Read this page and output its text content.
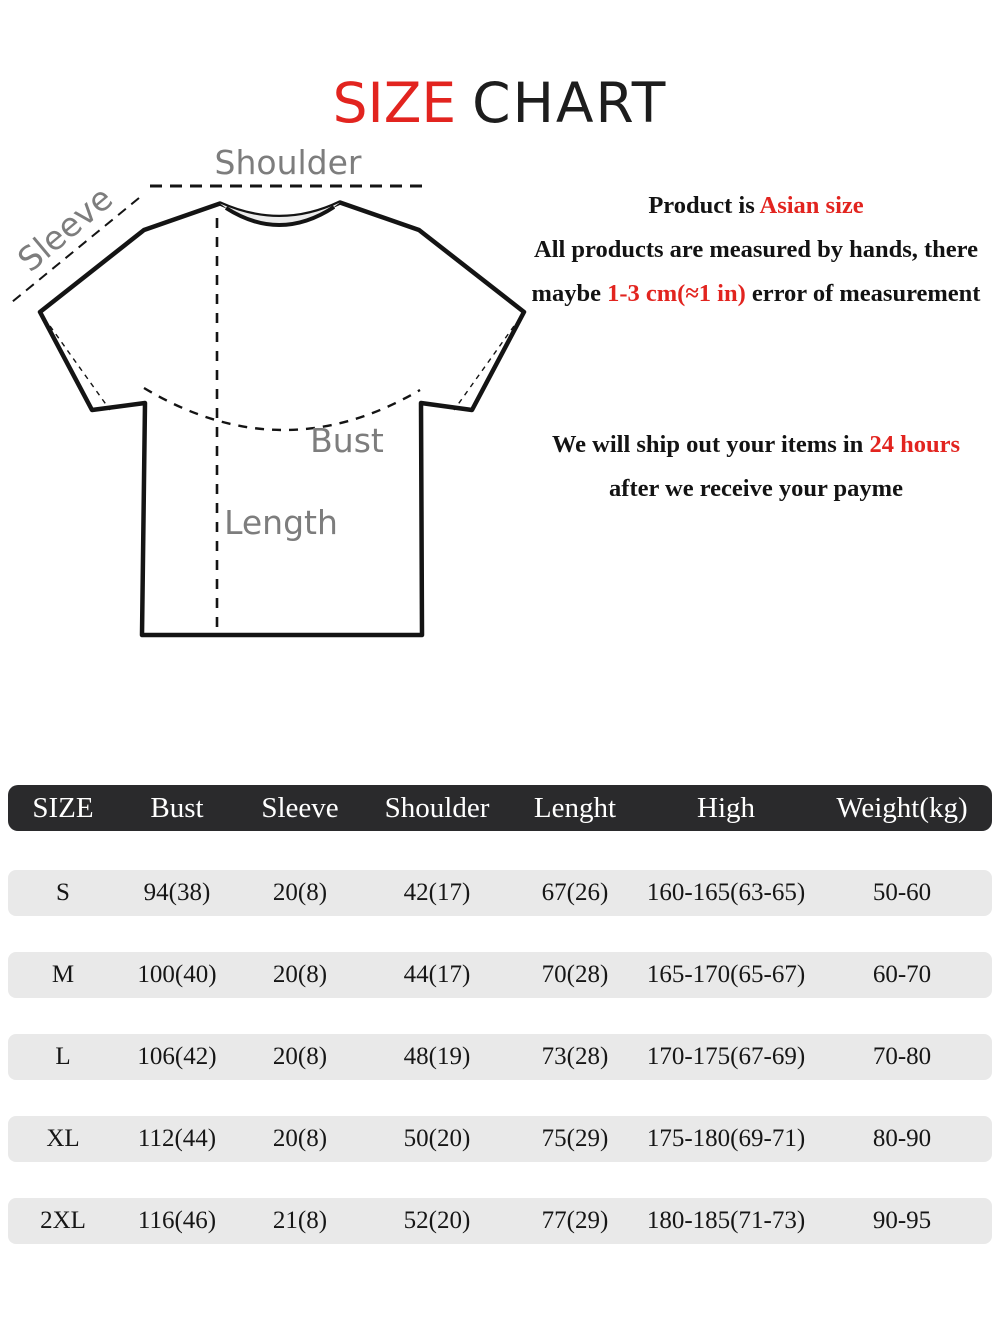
SIZE CHART
Shoulder
Sleeve
Bust
Length
Product is Asian size
All products are measured by hands, there
maybe 1-3 cm(≈1 in) error of measurement
We will ship out your items in 24 hours
after we receive your payme
SIZE	Bust	Sleeve	Shoulder	Lenght	High	Weight(kg)
S	94(38)	20(8)	42(17)	67(26)	160-165(63-65)	50-60
M	100(40)	20(8)	44(17)	70(28)	165-170(65-67)	60-70
L	106(42)	20(8)	48(19)	73(28)	170-175(67-69)	70-80
XL	112(44)	20(8)	50(20)	75(29)	175-180(69-71)	80-90
2XL	116(46)	21(8)	52(20)	77(29)	180-185(71-73)	90-95
